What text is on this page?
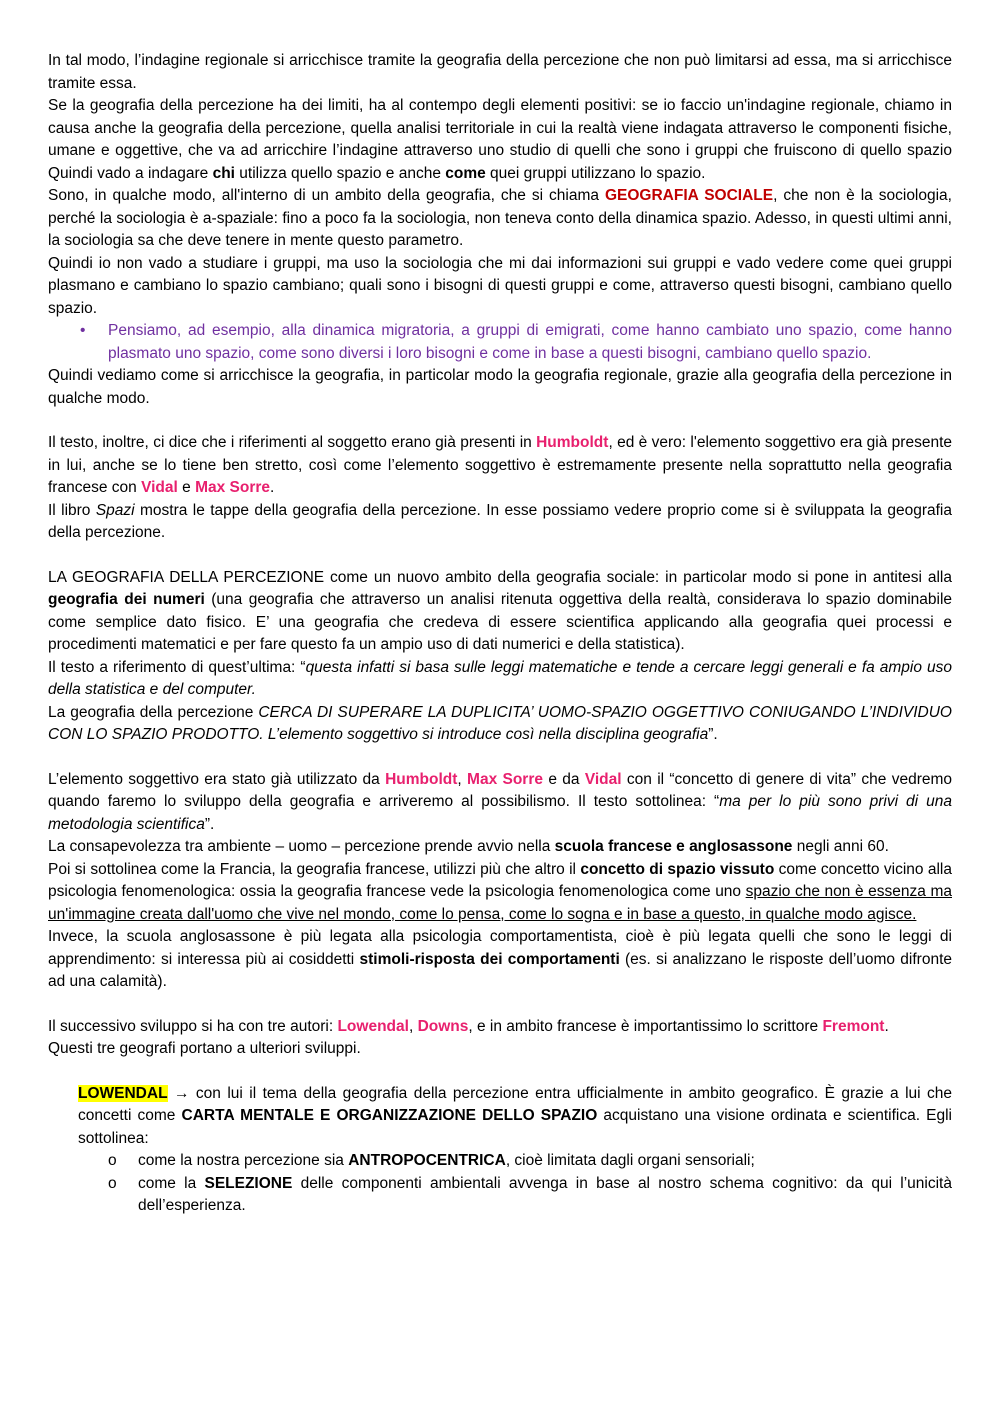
In tal modo, l’indagine regionale si arricchisce tramite la geografia della percezione che non può limitarsi ad essa, ma si arricchisce tramite essa.

Se la geografia della percezione ha dei limiti, ha al contempo degli elementi positivi: se io faccio un'indagine regionale, chiamo in causa anche la geografia della percezione, quella analisi territoriale in cui la realtà viene indagata attraverso le componenti fisiche, umane e oggettive, che va ad arricchire l’indagine attraverso uno studio di quelli che sono i gruppi che fruiscono di quello spazio Quindi vado a indagare chi utilizza quello spazio e anche come quei gruppi utilizzano lo spazio.

Sono, in qualche modo, all'interno di un ambito della geografia, che si chiama GEOGRAFIA SOCIALE, che non è la sociologia, perché la sociologia è a-spaziale: fino a poco fa la sociologia, non teneva conto della dinamica spazio. Adesso, in questi ultimi anni, la sociologia sa che deve tenere in mente questo parametro.

Quindi io non vado a studiare i gruppi, ma uso la sociologia che mi dai informazioni sui gruppi e vado vedere come quei gruppi plasmano e cambiano lo spazio cambiano; quali sono i bisogni di questi gruppi e come, attraverso questi bisogni, cambiano quello spazio.

• Pensiamo, ad esempio, alla dinamica migratoria, a gruppi di emigrati, come hanno cambiato uno spazio, come hanno plasmato uno spazio, come sono diversi i loro bisogni e come in base a questi bisogni, cambiano quello spazio.

Quindi vediamo come si arricchisce la geografia, in particolar modo la geografia regionale, grazie alla geografia della percezione in qualche modo.

Il testo, inoltre, ci dice che i riferimenti al soggetto erano già presenti in Humboldt, ed è vero: l'elemento soggettivo era già presente in lui, anche se lo tiene ben stretto, così come l’elemento soggettivo è estremamente presente nella soprattutto nella geografia francese con Vidal e Max Sorre.

Il libro Spazi mostra le tappe della geografia della percezione. In esse possiamo vedere proprio come si è sviluppata la geografia della percezione.

LA GEOGRAFIA DELLA PERCEZIONE come un nuovo ambito della geografia sociale: in particolar modo si pone in antitesi alla geografia dei numeri (una geografia che attraverso un analisi ritenuta oggettiva della realtà, considerava lo spazio dominabile come semplice dato fisico. E’ una geografia che credeva di essere scientifica applicando alla geografia quei processi e procedimenti matematici e per fare questo fa un ampio uso di dati numerici e della statistica).

Il testo a riferimento di quest’ultima: “questa infatti si basa sulle leggi matematiche e tende a cercare leggi generali e fa ampio uso della statistica e del computer.

La geografia della percezione CERCA DI SUPERARE LA DUPLICITA’ UOMO-SPAZIO OGGETTIVO CONIUGANDO L’INDIVIDUO CON LO SPAZIO PRODOTTO. L’elemento soggettivo si introduce così nella disciplina geografia”.

L’elemento soggettivo era stato già utilizzato da Humboldt, Max Sorre e da Vidal con il “concetto di genere di vita” che vedremo quando faremo lo sviluppo della geografia e arriveremo al possibilismo. Il testo sottolinea: “ma per lo più sono privi di una metodologia scientifica”.

La consapevolezza tra ambiente – uomo – percezione prende avvio nella scuola francese e anglosassone negli anni 60.

Poi si sottolinea come la Francia, la geografia francese, utilizzi più che altro il concetto di spazio vissuto come concetto vicino alla psicologia fenomenologica: ossia la geografia francese vede la psicologia fenomenologica come uno spazio che non è essenza ma un'immagine creata dall'uomo che vive nel mondo, come lo pensa, come lo sogna e in base a questo, in qualche modo agisce.

Invece, la scuola anglosassone è più legata alla psicologia comportamentista, cioè è più legata quelli che sono le leggi di apprendimento: si interessa più ai cosiddetti stimoli-risposta dei comportamenti (es. si analizzano le risposte dell’uomo difronte ad una calamità).

Il successivo sviluppo si ha con tre autori: Lowendal, Downs, e in ambito francese è importantissimo lo scrittore Fremont.

Questi tre geografi portano a ulteriori sviluppi.

LOWENDAL → con lui il tema della geografia della percezione entra ufficialmente in ambito geografico. È grazie a lui che concetti come CARTA MENTALE E ORGANIZZAZIONE DELLO SPAZIO acquistano una visione ordinata e scientifica. Egli sottolinea:

o come la nostra percezione sia ANTROPOCENTRICA, cioè limitata dagli organi sensoriali;
o come la SELEZIONE delle componenti ambientali avvenga in base al nostro schema cognitivo: da qui l’unicità dell’esperienza.
